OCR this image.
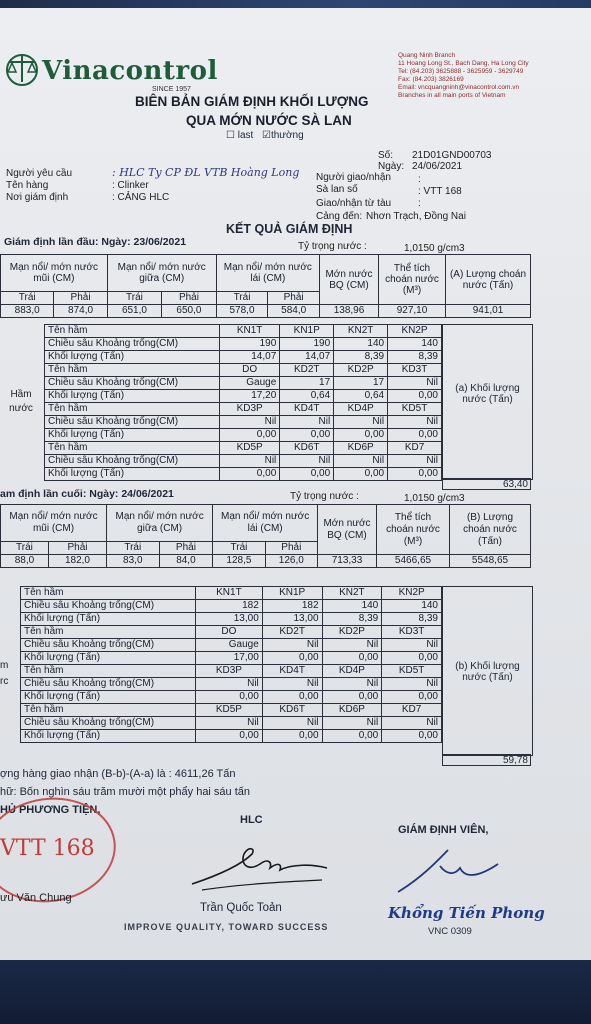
Vinacontrol
SINCE 1957
Quang Ninh Branch
11 Hoang Long St., Bach Dang, Ha Long City
Tel: (84.203) 3625888 - 3625959 - 3629749
Fax: (84.203) 3826169
Email: vncquangninh@vinacontrol.com.vn
Branches in all main ports of Vietnam
BIÊN BẢN GIÁM ĐỊNH KHỐI LƯỢNG
QUA MỚN NƯỚC SÀ LAN
☐ last ☑thường
Số: 21D01GND00703
Ngày: 24/06/2021
Người yêu cầu	: HLC Ty CP ĐL VTB Hoàng Long
Tên hàng	: Clinker
Nơi giám định	: CẢNG HLC
Người giao/nhận	:
Sà lan số	: VTT 168
Giao/nhận từ tàu	:
Cảng đến: Nhơn Trạch, Đồng Nai
KẾT QUẢ GIÁM ĐỊNH
Giám định lần đầu: Ngày: 23/06/2021	Tỷ trọng nước :	1,0150 g/cm3
Mạn nổi/ mớn nước mũi (CM)		Mạn nổi/ mớn nước giữa (CM)		Mạn nổi/ mớn nước lái (CM)		Mớn nước BQ (CM)	Thể tích choán nước (M³)	(A) Lượng choán nước (Tấn)
Trái	Phải	Trái	Phải	Trái	Phải			
883,0	874,0	651,0	650,0	578,0	584,0	138,96	927,10	941,01
Hầm nước
Tên hầm	KN1T	KN1P	KN2T	KN2P
Chiều sâu Khoảng trống(CM)	190	190	140	140
Khối lượng (Tấn)	14,07	14,07	8,39	8,39
Tên hầm	DO	KD2T	KD2P	KD3T
Chiều sâu Khoảng trống(CM)	Gauge	17	17	Nil
Khối lượng (Tấn)	17,20	0,64	0,64	0,00
Tên hầm	KD3P	KD4T	KD4P	KD5T
Chiều sâu Khoảng trống(CM)	Nil	Nil	Nil	Nil
Khối lượng (Tấn)	0,00	0,00	0,00	0,00
Tên hầm	KD5P	KD6T	KD6P	KD7
Chiều sâu Khoảng trống(CM)	Nil	Nil	Nil	Nil
Khối lượng (Tấn)	0,00	0,00	0,00	0,00
(a) Khối lượng nước (Tấn)
63,40
am định lần cuối: Ngày: 24/06/2021	Tỷ trọng nước :	1,0150 g/cm3
Mạn nổi/ mớn nước mũi (CM)		Mạn nổi/ mớn nước giữa (CM)		Mạn nổi/ mớn nước lái (CM)		Mớn nước BQ (CM)	Thể tích choán nước (M³)	(B) Lượng choán nước (Tấn)
Trái	Phải	Trái	Phải	Trái	Phải			
88,0	182,0	83,0	84,0	128,5	126,0	713,33	5466,65	5548,65
m
rc
Tên hầm	KN1T	KN1P	KN2T	KN2P
Chiều sâu Khoảng trống(CM)	182	182	140	140
Khối lượng (Tấn)	13,00	13,00	8,39	8,39
Tên hầm	DO	KD2T	KD2P	KD3T
Chiều sâu Khoảng trống(CM)	Gauge	Nil	Nil	Nil
Khối lượng (Tấn)	17,00	0,00	0,00	0,00
Tên hầm	KD3P	KD4T	KD4P	KD5T
Chiều sâu Khoảng trống(CM)	Nil	Nil	Nil	Nil
Khối lượng (Tấn)	0,00	0,00	0,00	0,00
Tên hầm	KD5P	KD6T	KD6P	KD7
Chiều sâu Khoảng trống(CM)	Nil	Nil	Nil	Nil
Khối lượng (Tấn)	0,00	0,00	0,00	0,00
(b) Khối lượng nước (Tấn)
59,78
ợng hàng giao nhận (B-b)-(A-a) là : 4611,26 Tấn
hữ: Bốn nghìn sáu trăm mười một phẩy hai sáu tấn
HỦ PHƯƠNG TIỆN,
VTT 168
ưu Văn Chung
HLC
Trần Quốc Toản
GIÁM ĐỊNH VIÊN,
Khổng Tiến Phong
VNC 0309
IMPROVE QUALITY, TOWARD SUCCESS
